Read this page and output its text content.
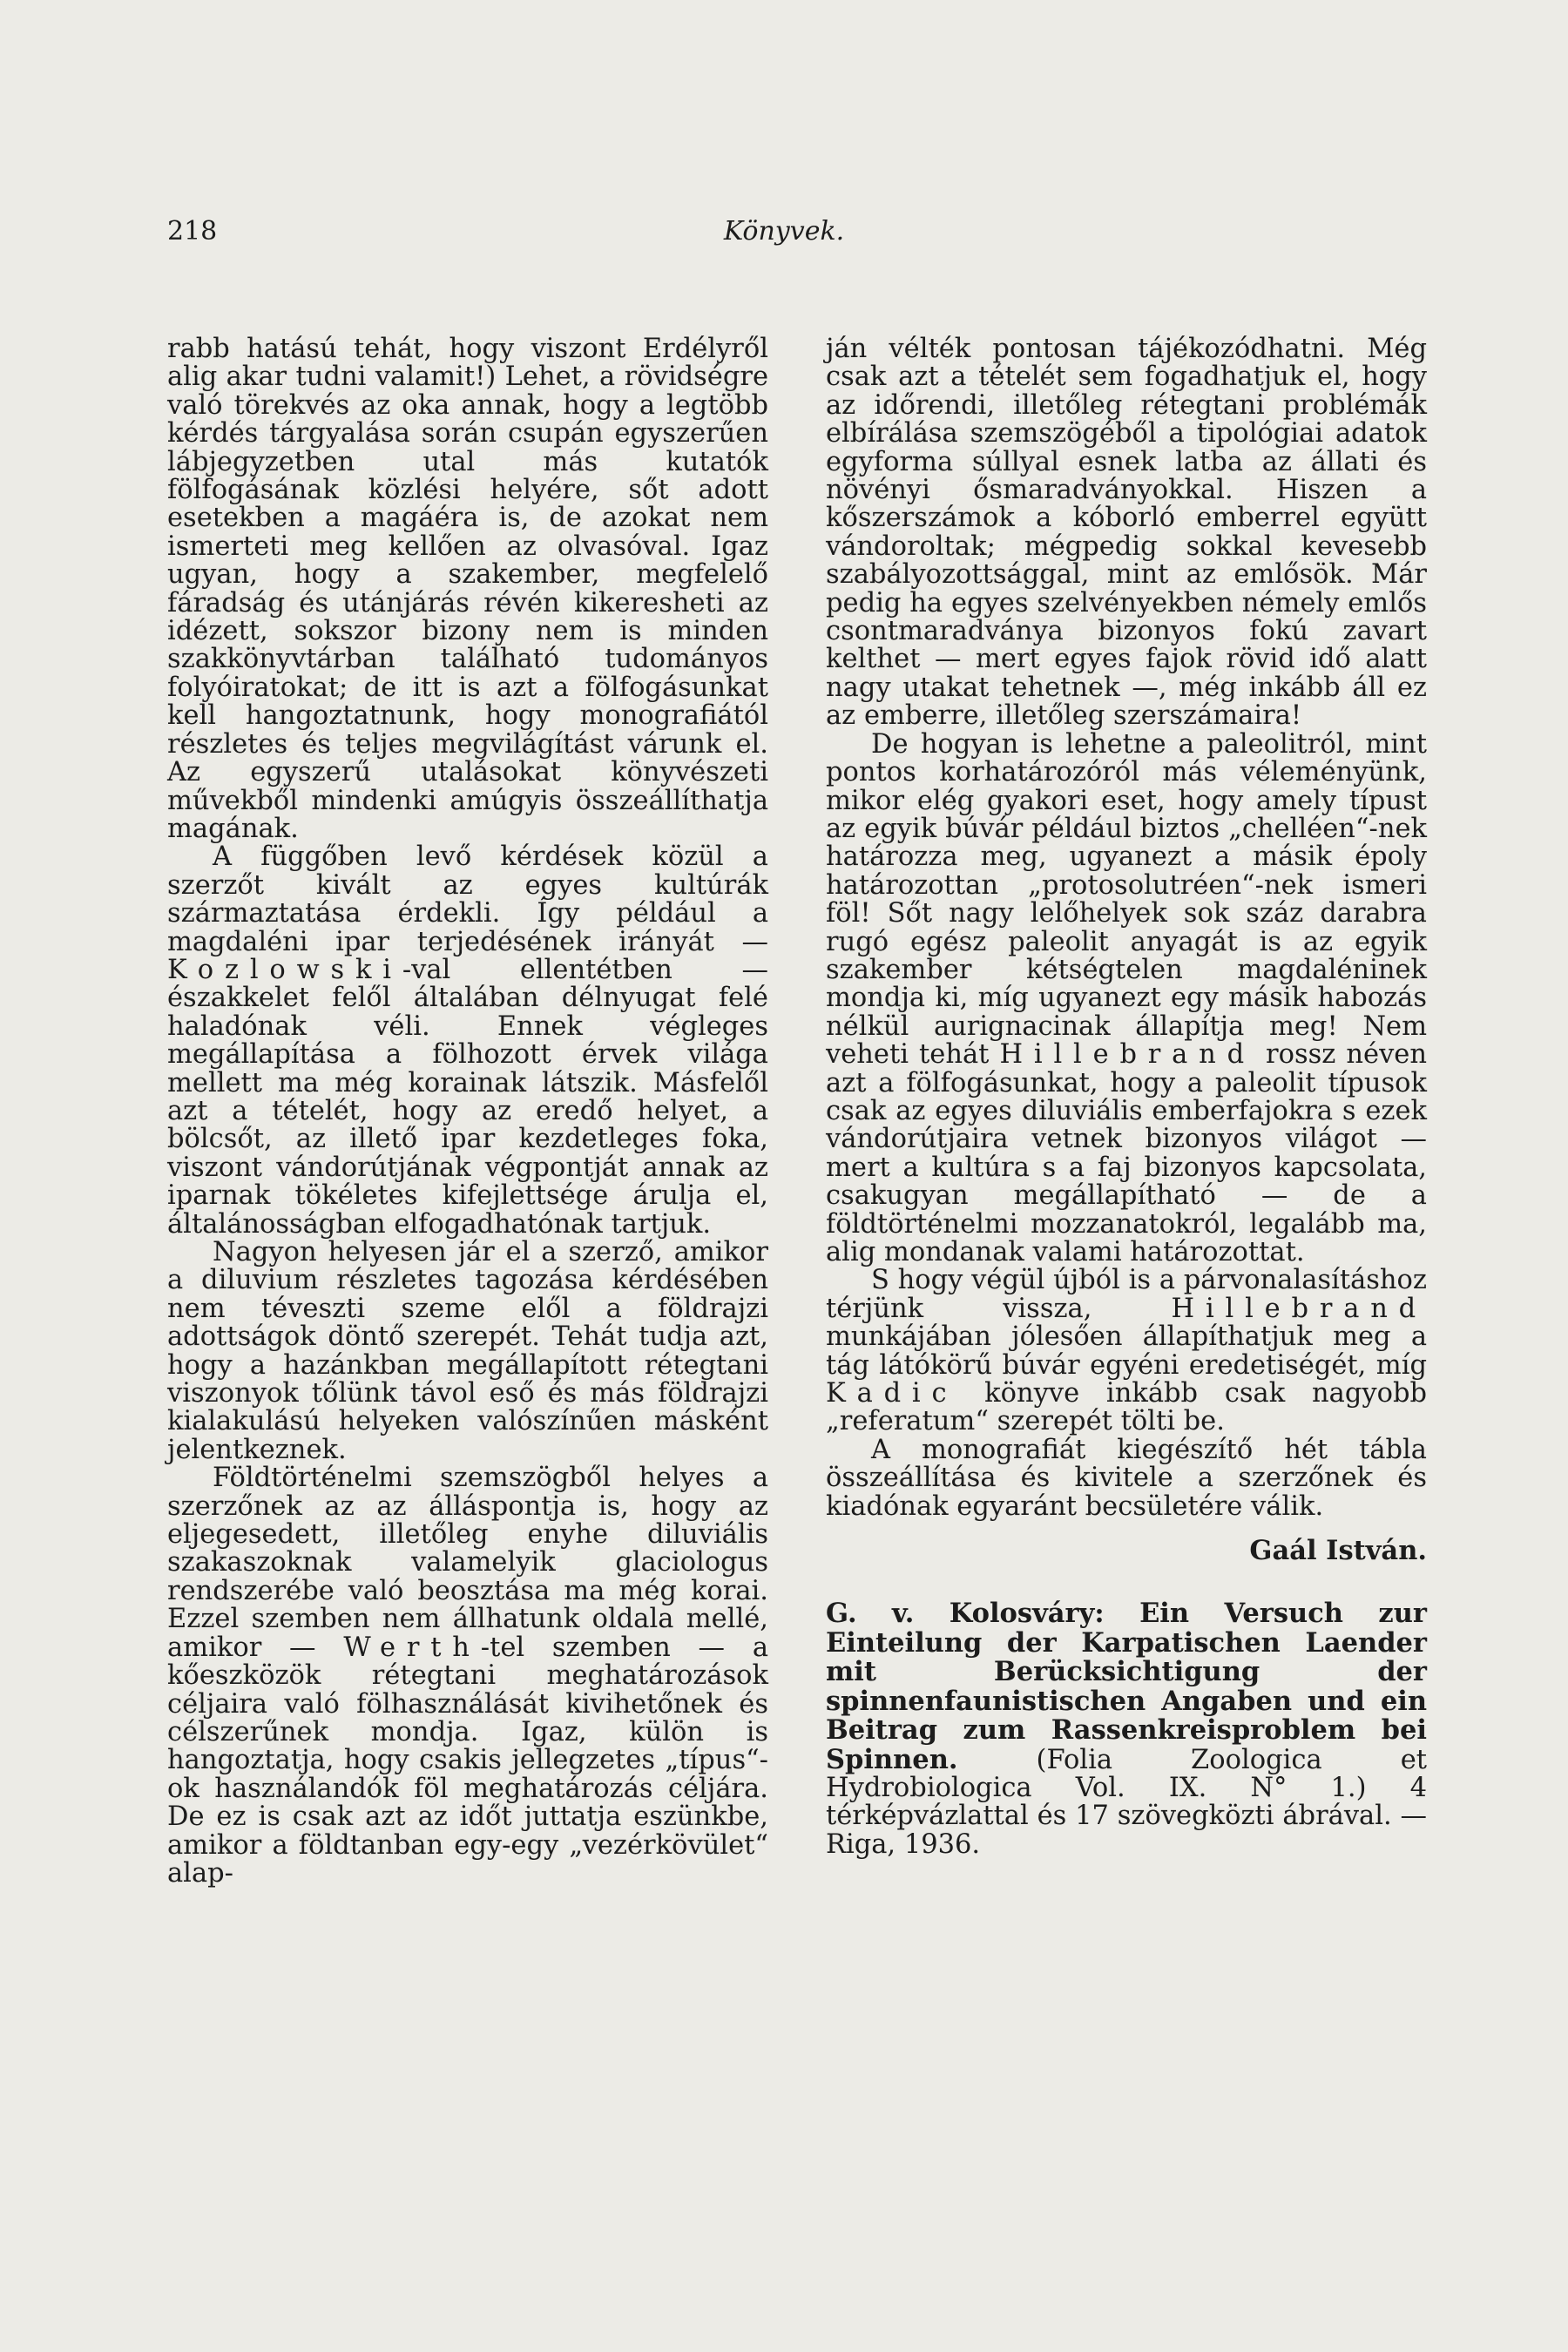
218	Könyvek.

rabb hatású tehát, hogy viszont Erdélyről alig akar tudni valamit!) Lehet, a rövidségre való törekvés az oka annak, hogy a legtöbb kérdés tárgyalása során csupán egyszerűen lábjegyzetben utal más kutatók fölfogásának közlési helyére, sőt adott esetekben a magáéra is, de azokat nem ismerteti meg kellően az olvasóval. Igaz ugyan, hogy a szakember, megfelelő fáradság és utánjárás révén kikeresheti az idézett, sokszor bizony nem is minden szakkönyvtárban található tudományos folyóiratokat; de itt is azt a fölfogásunkat kell hangoztatnunk, hogy monografiától részletes és teljes megvilágítást várunk el. Az egyszerű utalásokat könyvészeti művekből mindenki amúgyis összeállíthatja magának.

A függőben levő kérdések közül a szerzőt kivált az egyes kultúrák származtatása érdekli. Így például a magdaléni ipar terjedésének irányát — Kozlowski-val ellentétben — északkelet felől általában délnyugat felé haladónak véli. Ennek végleges megállapítása a fölhozott érvek világa mellett ma még korainak látszik. Másfelől azt a tételét, hogy az eredő helyet, a bölcsőt, az illető ipar kezdetleges foka, viszont vándorútjának végpontját annak az iparnak tökéletes kifejlettsége árulja el, általánosságban elfogadhatónak tartjuk.

Nagyon helyesen jár el a szerző, amikor a diluvium részletes tagozása kérdésében nem téveszti szeme elől a földrajzi adottságok döntő szerepét. Tehát tudja azt, hogy a hazánkban megállapított rétegtani viszonyok tőlünk távol eső és más földrajzi kialakulású helyeken valószínűen másként jelentkeznek.

Földtörténelmi szemszögből helyes a szerzőnek az az álláspontja is, hogy az eljegesedett, illetőleg enyhe diluviális szakaszoknak valamelyik glaciologus rendszerébe való beosztása ma még korai. Ezzel szemben nem állhatunk oldala mellé, amikor — Werth-tel szemben — a kőeszközök rétegtani meghatározások céljaira való fölhasználását kivihetőnek és célszerűnek mondja. Igaz, külön is hangoztatja, hogy csakis jellegzetes „típus“-ok használandók föl meghatározás céljára. De ez is csak azt az időt juttatja eszünkbe, amikor a földtanban egy-egy „vezérkövület“ alap-

ján vélték pontosan tájékozódhatni. Még csak azt a tételét sem fogadhatjuk el, hogy az időrendi, illetőleg rétegtani problémák elbírálása szemszögéből a tipológiai adatok egyforma súllyal esnek latba az állati és növényi ősmaradványokkal. Hiszen a kőszerszámok a kóborló emberrel együtt vándoroltak; mégpedig sokkal kevesebb szabályozottsággal, mint az emlősök. Már pedig ha egyes szelvényekben némely emlős csontmaradványa bizonyos fokú zavart kelthet — mert egyes fajok rövid idő alatt nagy utakat tehetnek —, még inkább áll ez az emberre, illetőleg szerszámaira!

De hogyan is lehetne a paleolitról, mint pontos korhatározóról más véleményünk, mikor elég gyakori eset, hogy amely típust az egyik búvár például biztos „chelléen“-nek határozza meg, ugyanezt a másik époly határozottan „protosolutréen“-nek ismeri föl! Sőt nagy lelőhelyek sok száz darabra rugó egész paleolit anyagát is az egyik szakember kétségtelen magdaléninek mondja ki, míg ugyanezt egy másik habozás nélkül aurignacinak állapítja meg! Nem veheti tehát Hillebrand rossz néven azt a fölfogásunkat, hogy a paleolit típusok csak az egyes diluviális emberfajokra s ezek vándorútjaira vetnek bizonyos világot — mert a kultúra s a faj bizonyos kapcsolata, csakugyan megállapítható — de a földtörténelmi mozzanatokról, legalább ma, alig mondanak valami határozottat.

S hogy végül újból is a párvonalasításhoz térjünk vissza, Hillebrand munkájában jólesően állapíthatjuk meg a tág látókörű búvár egyéni eredetiségét, míg Kadic könyve inkább csak nagyobb „referatum“ szerepét tölti be.

A monografiát kiegészítő hét tábla összeállítása és kivitele a szerzőnek és kiadónak egyaránt becsületére válik.

Gaál István.

G. v. Kolosváry: Ein Versuch zur Einteilung der Karpatischen Laender mit Berücksichtigung der spinnenfaunistischen Angaben und ein Beitrag zum Rassenkreisproblem bei Spinnen. (Folia Zoologica et Hydrobiologica Vol. IX. N° 1.) 4 térképvázlattal és 17 szövegközti ábrával. — Riga, 1936.
